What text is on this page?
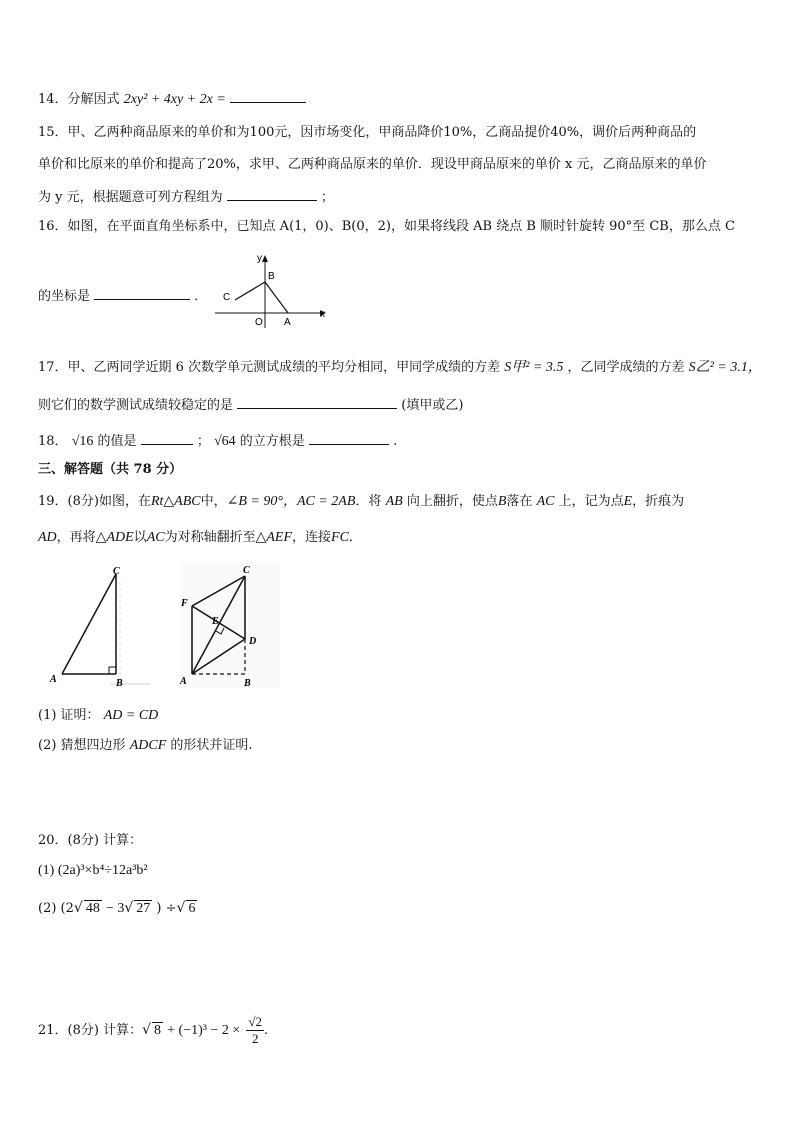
14．分解因式 2xy² + 4xy + 2x =
15．甲、乙两种商品原来的单价和为100元，因市场变化，甲商品降价10%，乙商品提价40%，调价后两种商品的
单价和比原来的单价和提高了20%，求甲、乙两种商品原来的单价．现设甲商品原来的单价 x 元，乙商品原来的单价
为 y 元，根据题意可列方程组为	；
16．如图，在平面直角坐标系中，已知点 A(1，0)、B(0，2)，如果将线段 AB 绕点 B 顺时针旋转 90°至 CB，那么点 C
的坐标是	．
y
x
B
C
O A
17．甲、乙两同学近期 6 次数学单元测试成绩的平均分相同，甲同学成绩的方差 S甲² = 3.5 ，乙同学成绩的方差 S乙² = 3.1，
则它们的数学测试成绩较稳定的是	(填甲或乙)
18． √16 的值是	； √64 的立方根是	.
三、解答题（共 78 分）
19．(8分)如图，在Rt△ABC中，∠B = 90°，AC = 2AB．将 AB 向上翻折，使点B落在 AC 上，记为点E，折痕为
AD，再将△ADE以AC为对称轴翻折至△AEF，连接FC．
C
A	B
C
F
E
D
A	B
(1) 证明： AD = CD
(2) 猜想四边形 ADCF 的形状并证明.
20．(8分) 计算：
(1) (2a)³×b⁴÷12a³b²
(2) (2√ 48 − 3√ 27 ) ÷√ 6
21．(8分) 计算：√ $8 + (-1)^3 - 2 \times \frac{√2}{2}$ .
